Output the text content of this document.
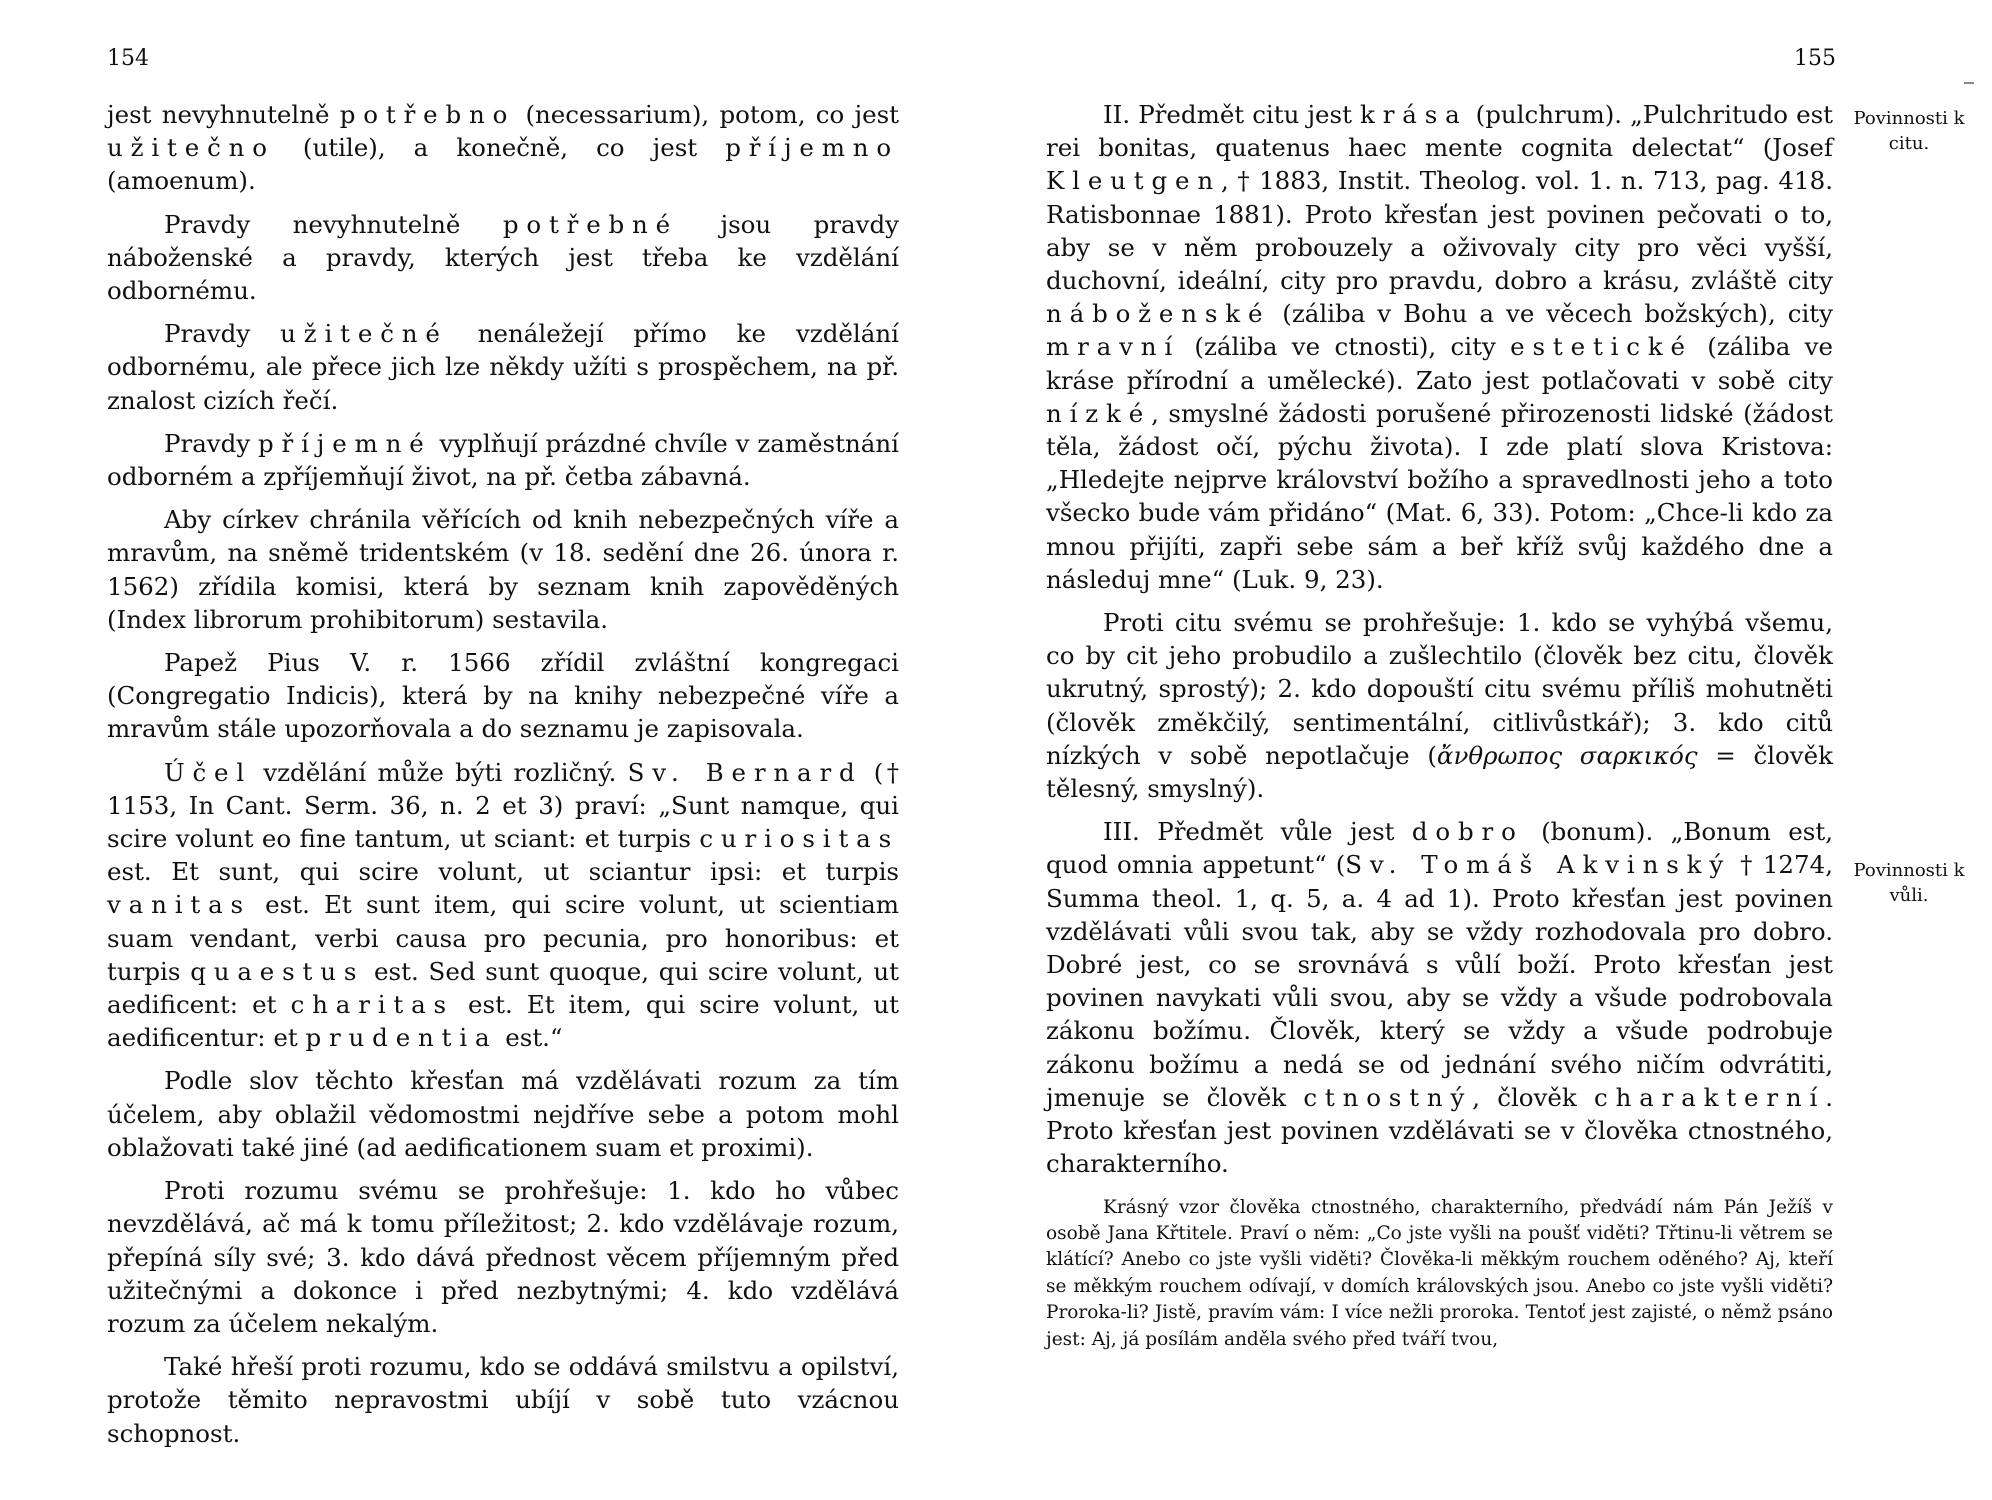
154

jest nevyhnutelně potřebno (necessarium), potom, co jest užitečno (utile), a konečně, co jest příjemno (amoenum).

Pravdy nevyhnutelně potřebné jsou pravdy náboženské a pravdy, kterých jest třeba ke vzdělání odbornému.

Pravdy užitečné nenáležejí přímo ke vzdělání odbornému, ale přece jich lze někdy užíti s prospěchem, na př. znalost cizích řečí.

Pravdy příjemné vyplňují prázdné chvíle v zaměstnání odborném a zpříjemňují život, na př. četba zábavná.

Aby církev chránila věřících od knih nebezpečných víře a mravům, na sněmě tridentském (v 18. sedění dne 26. února r. 1562) zřídila komisi, která by seznam knih zapověděných (Index librorum prohibitorum) sestavila.

Papež Pius V. r. 1566 zřídil zvláštní kongregaci (Congregatio Indicis), která by na knihy nebezpečné víře a mravům stále upozorňovala a do seznamu je zapisovala.

Účel vzdělání může býti rozličný. Sv. Bernard († 1153, In Cant. Serm. 36, n. 2 et 3) praví: „Sunt namque, qui scire volunt eo fine tantum, ut sciant: et turpis curiositas est. Et sunt, qui scire volunt, ut sciantur ipsi: et turpis vanitas est. Et sunt item, qui scire volunt, ut scientiam suam vendant, verbi causa pro pecunia, pro honoribus: et turpis quaestus est. Sed sunt quoque, qui scire volunt, ut aedificent: et charitas est. Et item, qui scire volunt, ut aedificentur: et prudentia est.“

Podle slov těchto křesťan má vzdělávati rozum za tím účelem, aby oblažil vědomostmi nejdříve sebe a potom mohl oblažovati také jiné (ad aedificationem suam et proximi).

Proti rozumu svému se prohřešuje: 1. kdo ho vůbec nevzdělává, ač má k tomu příležitost; 2. kdo vzdělávaje rozum, přepíná síly své; 3. kdo dává přednost věcem příjemným před užitečnými a dokonce i před nezbytnými; 4. kdo vzdělává rozum za účelem nekalým.

Také hřeší proti rozumu, kdo se oddává smilstvu a opilství, protože těmito nepravostmi ubíjí v sobě tuto vzácnou schopnost.

155
Povinnosti k citu.
Povinnosti k vůli.

II. Předmět citu jest krása (pulchrum). „Pulchritudo est rei bonitas, quatenus haec mente cognita delectat“ (Josef Kleutgen, † 1883, Instit. Theolog. vol. 1. n. 713, pag. 418. Ratisbonnae 1881). Proto křesťan jest povinen pečovati o to, aby se v něm probouzely a oživovaly city pro věci vyšší, duchovní, ideální, city pro pravdu, dobro a krásu, zvláště city náboženské (záliba v Bohu a ve věcech božských), city mravní (záliba ve ctnosti), city estetické (záliba ve kráse přírodní a umělecké). Zato jest potlačovati v sobě city nízké, smyslné žádosti porušené přirozenosti lidské (žádost těla, žádost očí, pýchu života). I zde platí slova Kristova: „Hledejte nejprve království božího a spravedlnosti jeho a toto všecko bude vám přidáno“ (Mat. 6, 33). Potom: „Chce-li kdo za mnou přijíti, zapři sebe sám a beř kříž svůj každého dne a následuj mne“ (Luk. 9, 23).

Proti citu svému se prohřešuje: 1. kdo se vyhýbá všemu, co by cit jeho probudilo a zušlechtilo (člověk bez citu, člověk ukrutný, sprostý); 2. kdo dopouští citu svému příliš mohutněti (člověk změkčilý, sentimentální, citlivůstkář); 3. kdo citů nízkých v sobě nepotlačuje (ἄνθρωπος σαρκικός = člověk tělesný, smyslný).

III. Předmět vůle jest dobro (bonum). „Bonum est, quod omnia appetunt“ (Sv. Tomáš Akvinský † 1274, Summa theol. 1, q. 5, a. 4 ad 1). Proto křesťan jest povinen vzdělávati vůli svou tak, aby se vždy rozhodovala pro dobro. Dobré jest, co se srovnává s vůlí boží. Proto křesťan jest povinen navykati vůli svou, aby se vždy a všude podrobovala zákonu božímu. Člověk, který se vždy a všude podrobuje zákonu božímu a nedá se od jednání svého ničím odvrátiti, jmenuje se člověk ctnostný, člověk charakterní. Proto křesťan jest povinen vzdělávati se v člověka ctnostného, charakterního.

Krásný vzor člověka ctnostného, charakterního, předvádí nám Pán Ježíš v osobě Jana Křtitele. Praví o něm: „Co jste vyšli na poušť viděti? Třtinu-li větrem se klátící? Anebo co jste vyšli viděti? Člověka-li měkkým rouchem oděného? Aj, kteří se měkkým rouchem odívají, v domích královských jsou. Anebo co jste vyšli viděti? Proroka-li? Jistě, pravím vám: I více nežli proroka. Tentoť jest zajisté, o němž psáno jest: Aj, já posílám anděla svého před tváří tvou,
